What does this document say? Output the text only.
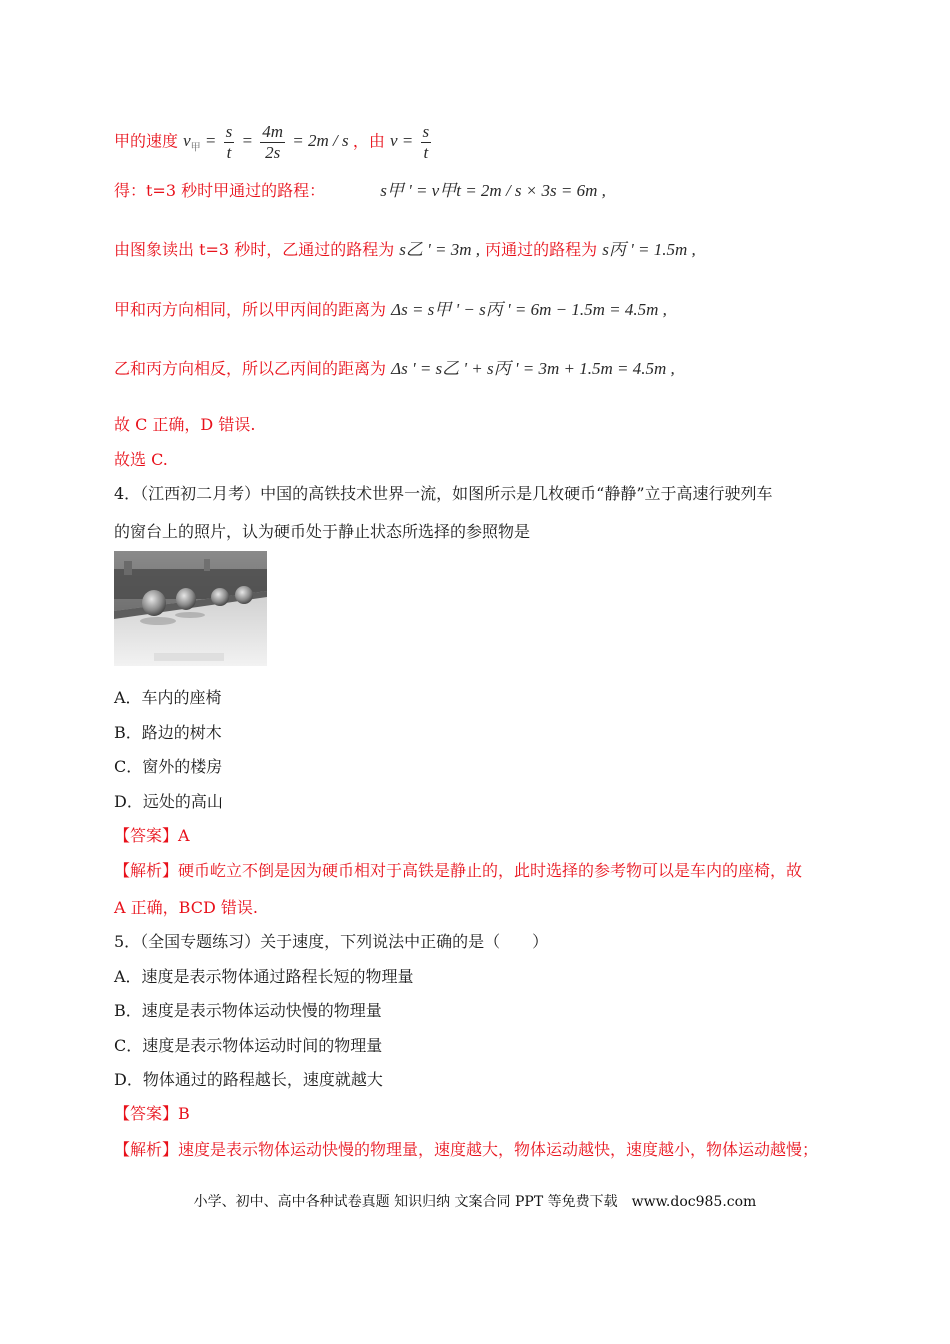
甲的速度 $v_甲 = \frac{s}{t} = \frac{4m}{2s} = 2m / s$ ，由 $v = \frac{s}{t}$
得：t=3 秒时甲通过的路程：	s甲 ' = v甲t = 2m / s × 3s = 6m ,
由图象读出 t=3 秒时，乙通过的路程为 s乙 ' = 3m , 丙通过的路程为 s丙 ' = 1.5m ,
甲和丙方向相同，所以甲丙间的距离为 Δs = s甲 ' − s丙 ' = 6m − 1.5m = 4.5m ,
乙和丙方向相反，所以乙丙间的距离为 Δs ' = s乙 ' + s丙 ' = 3m + 1.5m = 4.5m ,
故 C 正确，D 错误.
故选 C.
4．（江西初二月考）中国的高铁技术世界一流，如图所示是几枚硬币“静静”立于高速行驶列车
的窗台上的照片，认为硬币处于静止状态所选择的参照物是
A．车内的座椅
B．路边的树木
C．窗外的楼房
D．远处的高山
【答案】A
【解析】硬币屹立不倒是因为硬币相对于高铁是静止的，此时选择的参考物可以是车内的座椅，故
A 正确，BCD 错误.
5．（全国专题练习）关于速度，下列说法中正确的是（　　）
A．速度是表示物体通过路程长短的物理量
B．速度是表示物体运动快慢的物理量
C．速度是表示物体运动时间的物理量
D．物体通过的路程越长，速度就越大
【答案】B
【解析】速度是表示物体运动快慢的物理量，速度越大，物体运动越快，速度越小，物体运动越慢；
小学、初中、高中各种试卷真题 知识归纳 文案合同 PPT 等免费下载　www.doc985.com
